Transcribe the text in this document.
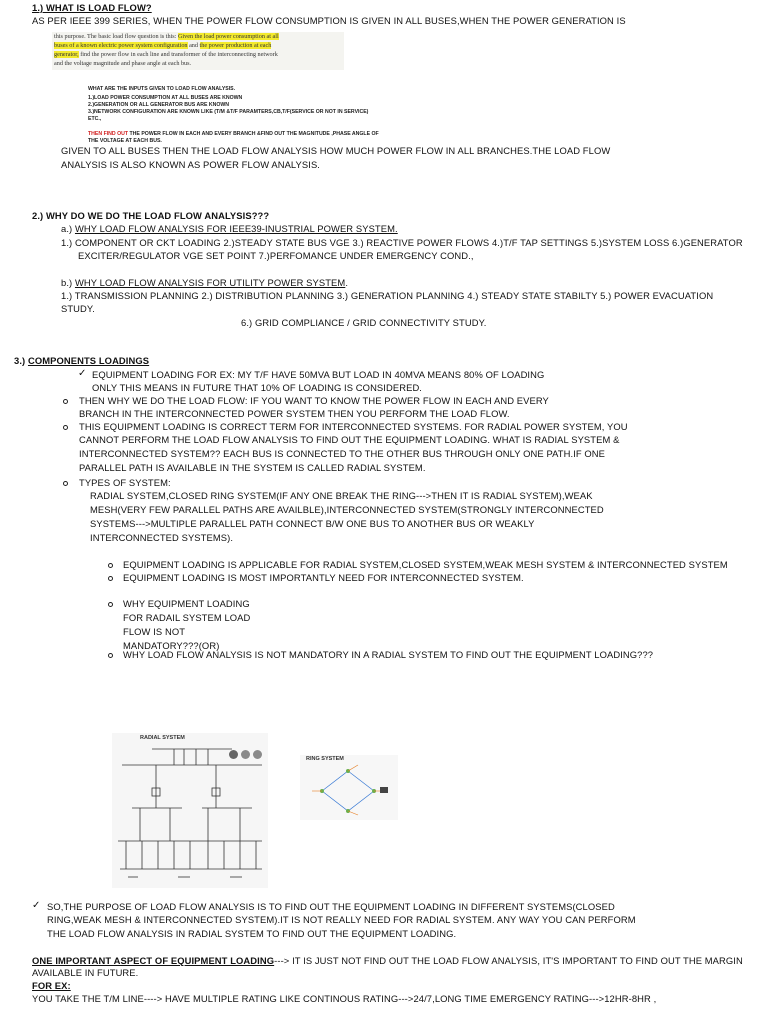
1.) WHAT IS LOAD FLOW?
AS PER IEEE 399 SERIES, WHEN THE POWER FLOW CONSUMPTION IS GIVEN IN ALL BUSES,WHEN THE POWER GENERATION IS
this purpose. The basic load flow question is this: Given the load power consumption at all
buses of a known electric power system configuration and the power production at each
generator, find the power flow in each line and transformer of the interconnecting network
and the voltage magnitude and phase angle at each bus.
WHAT ARE THE INPUTS GIVEN TO LOAD FLOW ANALYSIS.
1.)LOAD POWER CONSUMPTION AT ALL BUSES ARE KNOWN
2.)GENERATION OR ALL GENERATOR BUS ARE KNOWN
3.)NETWORK CONFIGURATION ARE KNOWN LIKE (T/M &T/F PARAMTERS,CB,T/F(SERVICE OR NOT IN SERVICE)
ETC.,
THEN FIND OUT THE POWER FLOW IN EACH AND EVERY BRANCH &FIND OUT THE MAGNITUDE ,PHASE ANGLE OF
THE VOLTAGE AT EACH BUS.
GIVEN TO ALL BUSES THEN THE LOAD FLOW ANALYSIS HOW MUCH POWER FLOW IN ALL BRANCHES.THE LOAD FLOW
ANALYSIS IS ALSO KNOWN AS POWER FLOW ANALYSIS.
2.) WHY DO WE DO THE LOAD FLOW ANALYSIS???
a.) WHY LOAD FLOW ANALYSIS FOR IEEE39-INUSTRIAL POWER SYSTEM.
1.) COMPONENT OR CKT LOADING 2.)STEADY STATE BUS VGE 3.) REACTIVE POWER FLOWS 4.)T/F TAP SETTINGS 5.)SYSTEM LOSS 6.)GENERATOR
EXCITER/REGULATOR VGE SET POINT 7.)PERFOMANCE UNDER EMERGENCY COND.,
b.) WHY LOAD FLOW ANALYSIS FOR UTILITY POWER SYSTEM.
1.) TRANSMISSION PLANNING 2.) DISTRIBUTION PLANNING 3.) GENERATION PLANNING 4.) STEADY STATE STABILTY 5.) POWER EVACUATION
STUDY.
6.) GRID COMPLIANCE / GRID CONNECTIVITY STUDY.
3.) COMPONENTS LOADINGS
✓ EQUIPMENT LOADING FOR EX: MY T/F HAVE 50MVA BUT LOAD IN 40MVA MEANS 80% OF LOADING
ONLY THIS MEANS IN FUTURE THAT 10% OF LOADING IS CONSIDERED.
THEN WHY WE DO THE LOAD FLOW: IF YOU WANT TO KNOW THE POWER FLOW IN EACH AND EVERY
BRANCH IN THE INTERCONNECTED POWER SYSTEM THEN YOU PERFORM THE LOAD FLOW.
THIS EQUIPMENT LOADING IS CORRECT TERM FOR INTERCONNECTED SYSTEMS. FOR RADIAL POWER SYSTEM, YOU
CANNOT PERFORM THE LOAD FLOW ANALYSIS TO FIND OUT THE EQUIPMENT LOADING. WHAT IS RADIAL SYSTEM &
INTERCONNECTED SYSTEM?? EACH BUS IS CONNECTED TO THE OTHER BUS THROUGH ONLY ONE PATH.IF ONE
PARALLEL PATH IS AVAILABLE IN THE SYSTEM IS CALLED RADIAL SYSTEM.
TYPES OF SYSTEM:
RADIAL SYSTEM,CLOSED RING SYSTEM(IF ANY ONE BREAK THE RING--->THEN IT IS RADIAL SYSTEM),WEAK
MESH(VERY FEW PARALLEL PATHS ARE AVAILBLE),INTERCONNECTED SYSTEM(STRONGLY INTERCONNECTED
SYSTEMS--->MULTIPLE PARALLEL PATH CONNECT B/W ONE BUS TO ANOTHER BUS OR WEAKLY
INTERCONNECTED SYSTEMS).
EQUIPMENT LOADING IS APPLICABLE FOR RADIAL SYSTEM,CLOSED SYSTEM,WEAK MESH SYSTEM & INTERCONNECTED SYSTEM
EQUIPMENT LOADING IS MOST IMPORTANTLY NEED FOR INTERCONNECTED SYSTEM.
WHY EQUIPMENT LOADING
FOR RADAIL SYSTEM LOAD
FLOW IS NOT
MANDATORY???(OR)
WHY LOAD FLOW ANALYSIS IS NOT MANDATORY IN A RADIAL SYSTEM TO FIND OUT THE EQUIPMENT LOADING???
RADIAL SYSTEM
RING SYSTEM
✓ SO,THE PURPOSE OF LOAD FLOW ANALYSIS IS TO FIND OUT THE EQUIPMENT LOADING IN DIFFERENT SYSTEMS(CLOSED
RING,WEAK MESH & INTERCONNECTED SYSTEM).IT IS NOT REALLY NEED FOR RADIAL SYSTEM. ANY WAY YOU CAN PERFORM
THE LOAD FLOW ANALYSIS IN RADIAL SYSTEM TO FIND OUT THE EQUIPMENT LOADING.
ONE IMPORTANT ASPECT OF EQUIPMENT LOADING---> IT IS JUST NOT FIND OUT THE LOAD FLOW ANALYSIS, IT'S IMPORTANT TO FIND OUT THE MARGIN
AVAILABLE IN FUTURE.
FOR EX:
YOU TAKE THE T/M LINE----> HAVE MULTIPLE RATING LIKE CONTINOUS RATING--->24/7,LONG TIME EMERGENCY RATING--->12HR-8HR ,
